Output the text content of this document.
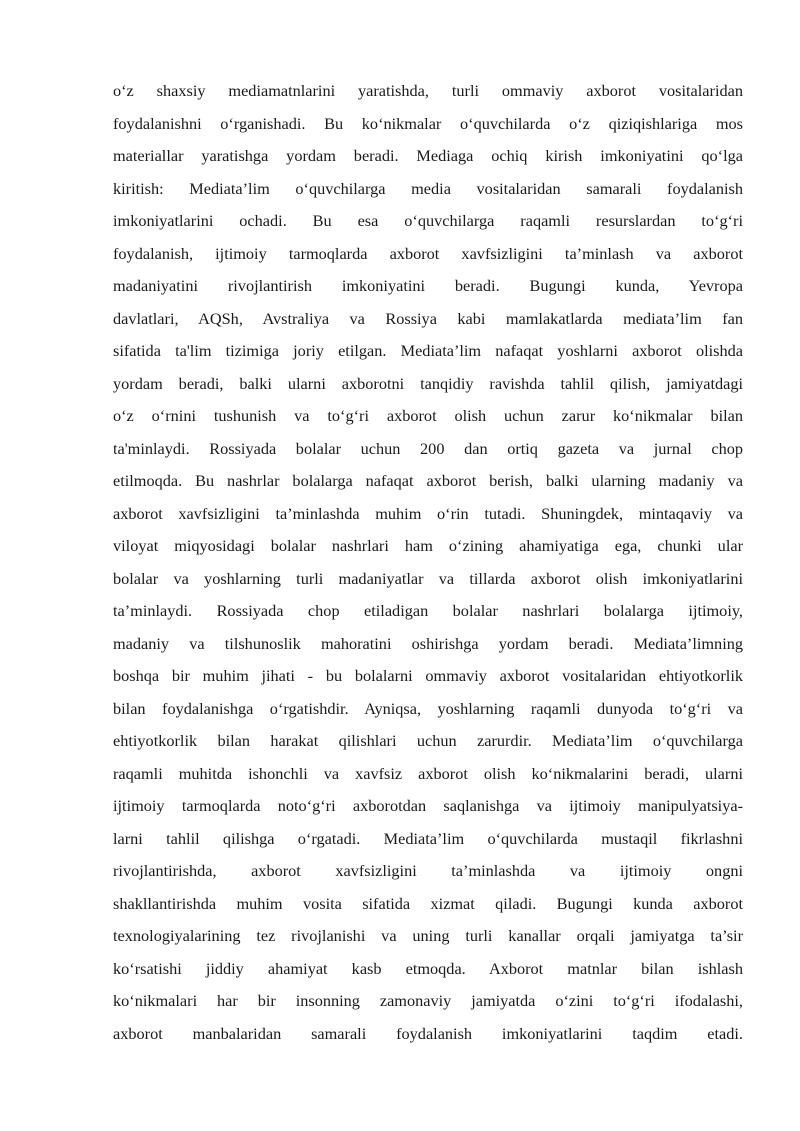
o‘z shaxsiy mediamatnlarini yaratishda, turli ommaviy axborot vositalaridan
foydalanishni o‘rganishadi. Bu ko‘nikmalar o‘quvchilarda o‘z qiziqishlariga mos
materiallar yaratishga yordam beradi. Mediaga ochiq kirish imkoniyatini qo‘lga
kiritish: Mediata’lim o‘quvchilarga media vositalaridan samarali foydalanish
imkoniyatlarini ochadi. Bu esa o‘quvchilarga raqamli resurslardan to‘g‘ri
foydalanish, ijtimoiy tarmoqlarda axborot xavfsizligini ta’minlash va axborot
madaniyatini rivojlantirish imkoniyatini beradi. Bugungi kunda, Yevropa
davlatlari, AQSh, Avstraliya va Rossiya kabi mamlakatlarda mediata’lim fan
sifatida ta'lim tizimiga joriy etilgan. Mediata’lim nafaqat yoshlarni axborot olishda
yordam beradi, balki ularni axborotni tanqidiy ravishda tahlil qilish, jamiyatdagi
o‘z o‘rnini tushunish va to‘g‘ri axborot olish uchun zarur ko‘nikmalar bilan
ta'minlaydi. Rossiyada bolalar uchun 200 dan ortiq gazeta va jurnal chop
etilmoqda. Bu nashrlar bolalarga nafaqat axborot berish, balki ularning madaniy va
axborot xavfsizligini ta’minlashda muhim o‘rin tutadi. Shuningdek, mintaqaviy va
viloyat miqyosidagi bolalar nashrlari ham o‘zining ahamiyatiga ega, chunki ular
bolalar va yoshlarning turli madaniyatlar va tillarda axborot olish imkoniyatlarini
ta’minlaydi. Rossiyada chop etiladigan bolalar nashrlari bolalarga ijtimoiy,
madaniy va tilshunoslik mahoratini oshirishga yordam beradi. Mediata’limning
boshqa bir muhim jihati - bu bolalarni ommaviy axborot vositalaridan ehtiyotkorlik
bilan foydalanishga o‘rgatishdir. Ayniqsa, yoshlarning raqamli dunyoda to‘g‘ri va
ehtiyotkorlik bilan harakat qilishlari uchun zarurdir. Mediata’lim o‘quvchilarga
raqamli muhitda ishonchli va xavfsiz axborot olish ko‘nikmalarini beradi, ularni
ijtimoiy tarmoqlarda noto‘g‘ri axborotdan saqlanishga va ijtimoiy manipulyatsiya-
larni tahlil qilishga o‘rgatadi. Mediata’lim o‘quvchilarda mustaqil fikrlashni
rivojlantirishda, axborot xavfsizligini ta’minlashda va ijtimoiy ongni
shakllantirishda muhim vosita sifatida xizmat qiladi. Bugungi kunda axborot
texnologiyalarining tez rivojlanishi va uning turli kanallar orqali jamiyatga ta’sir
ko‘rsatishi jiddiy ahamiyat kasb etmoqda. Axborot matnlar bilan ishlash
ko‘nikmalari har bir insonning zamonaviy jamiyatda o‘zini to‘g‘ri ifodalashi,
axborot manbalaridan samarali foydalanish imkoniyatlarini taqdim etadi.
